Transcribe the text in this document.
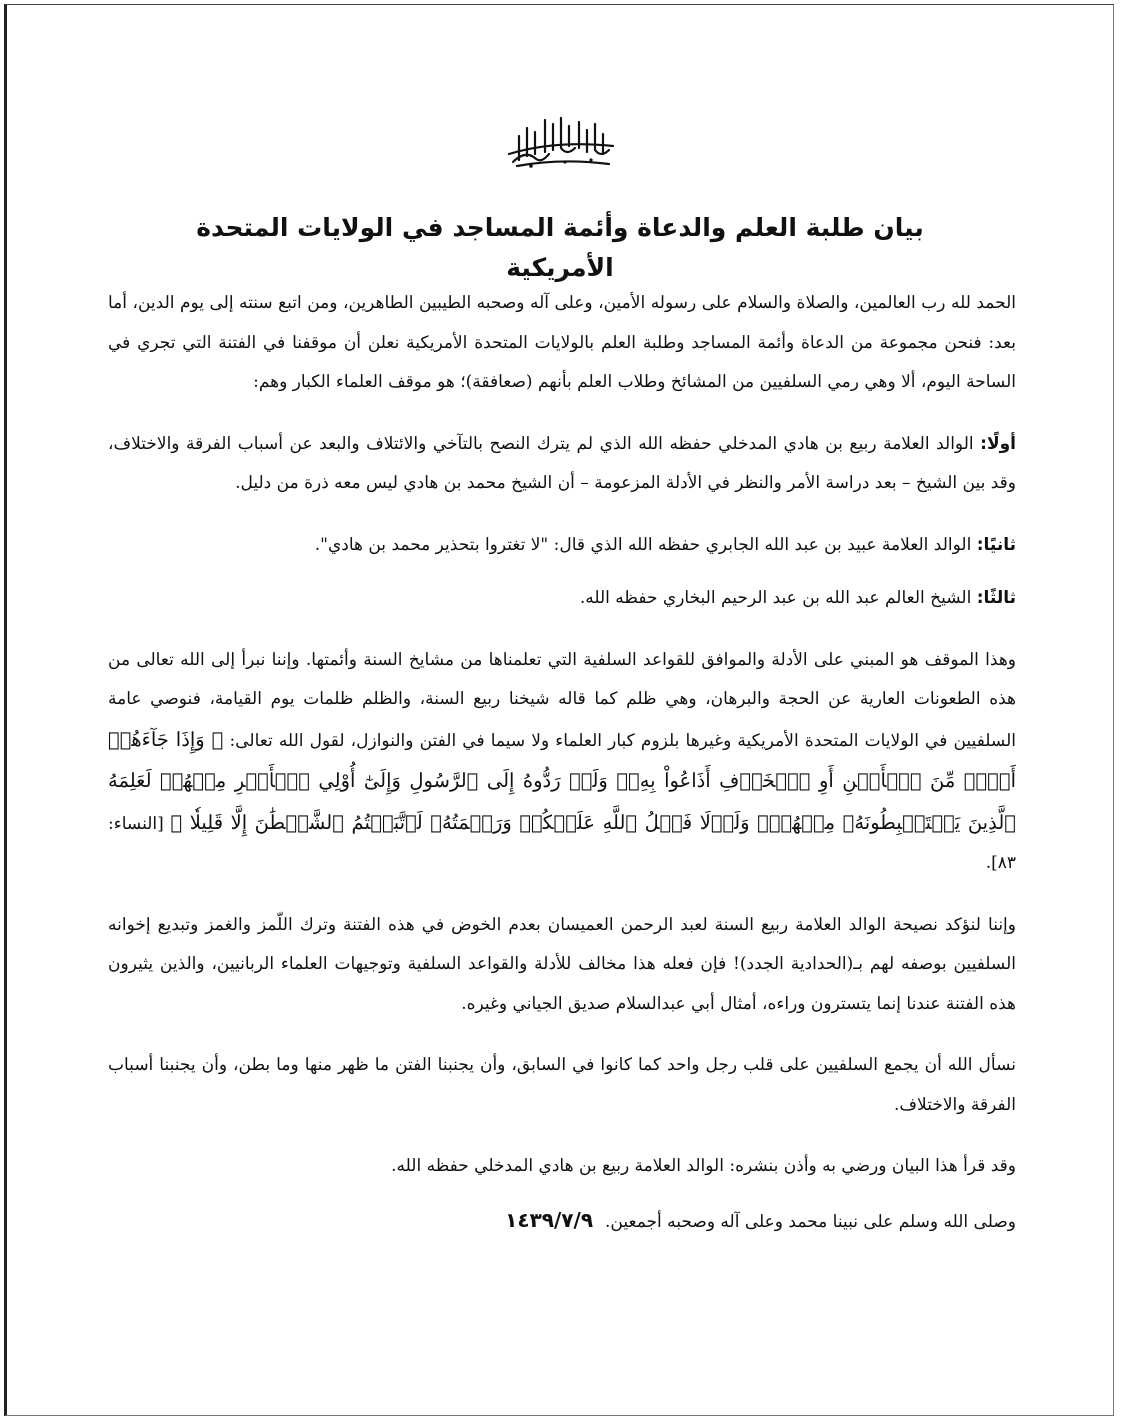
بيان طلبة العلم والدعاة وأئمة المساجد في الولايات المتحدة الأمريكية

الحمد لله رب العالمين، والصلاة والسلام على رسوله الأمين، وعلى آله وصحبه الطيبين الطاهرين، ومن اتبع سنته إلى يوم الدين، أما بعد: فنحن مجموعة من الدعاة وأئمة المساجد وطلبة العلم بالولايات المتحدة الأمريكية نعلن أن موقفنا في الفتنة التي تجري في الساحة اليوم، ألا وهي رمي السلفيين من المشائخ وطلاب العلم بأنهم (صعافقة)؛ هو موقف العلماء الكبار وهم:

أولًا: الوالد العلامة ربيع بن هادي المدخلي حفظه الله الذي لم يترك النصح بالتآخي والائتلاف والبعد عن أسباب الفرقة والاختلاف، وقد بين الشيخ – بعد دراسة الأمر والنظر في الأدلة المزعومة – أن الشيخ محمد بن هادي ليس معه ذرة من دليل.

ثانيًا: الوالد العلامة عبيد بن عبد الله الجابري حفظه الله الذي قال: "لا تغتروا بتحذير محمد بن هادي".

ثالثًا: الشيخ العالم عبد الله بن عبد الرحيم البخاري حفظه الله.

وهذا الموقف هو المبني على الأدلة والموافق للقواعد السلفية التي تعلمناها من مشايخ السنة وأئمتها. وإننا نبرأ إلى الله تعالى من هذه الطعونات العارية عن الحجة والبرهان، وهي ظلم كما قاله شيخنا ربيع السنة، والظلم ظلمات يوم القيامة، فنوصي عامة السلفيين في الولايات المتحدة الأمريكية وغيرها بلزوم كبار العلماء ولا سيما في الفتن والنوازل، لقول الله تعالى: ﴿ وَإِذَا جَآءَهُمۡ أَمۡرٞ مِّنَ ٱلۡأَمۡنِ أَوِ ٱلۡخَوۡفِ أَذَاعُواْ بِهِۦۖ وَلَوۡ رَدُّوهُ إِلَى ٱلرَّسُولِ وَإِلَىٰٓ أُوْلِي ٱلۡأَمۡرِ مِنۡهُمۡ لَعَلِمَهُ ٱلَّذِينَ يَسۡتَنۢبِطُونَهُۥ مِنۡهُمۡۗ وَلَوۡلَا فَضۡلُ ٱللَّهِ عَلَيۡكُمۡ وَرَحۡمَتُهُۥ لَٱتَّبَعۡتُمُ ٱلشَّيۡطَٰنَ إِلَّا قَلِيلٗا ﴾ [النساء: ٨٣].

وإننا لنؤكد نصيحة الوالد العلامة ربيع السنة لعبد الرحمن العميسان بعدم الخوض في هذه الفتنة وترك اللّمز والغمز وتبديع إخوانه السلفيين بوصفه لهم بـ(الحدادية الجدد)! فإن فعله هذا مخالف للأدلة والقواعد السلفية وتوجيهات العلماء الربانيين، والذين يثيرون هذه الفتنة عندنا إنما يتسترون وراءه، أمثال أبي عبدالسلام صديق الجياني وغيره.

نسأل الله أن يجمع السلفيين على قلب رجل واحد كما كانوا في السابق، وأن يجنبنا الفتن ما ظهر منها وما بطن، وأن يجنبنا أسباب الفرقة والاختلاف.

وقد قرأ هذا البيان ورضي به وأذن بنشره: الوالد العلامة ربيع بن هادي المدخلي حفظه الله.

وصلى الله وسلم على نبينا محمد وعلى آله وصحبه أجمعين.١٤٣٩/٧/٩
